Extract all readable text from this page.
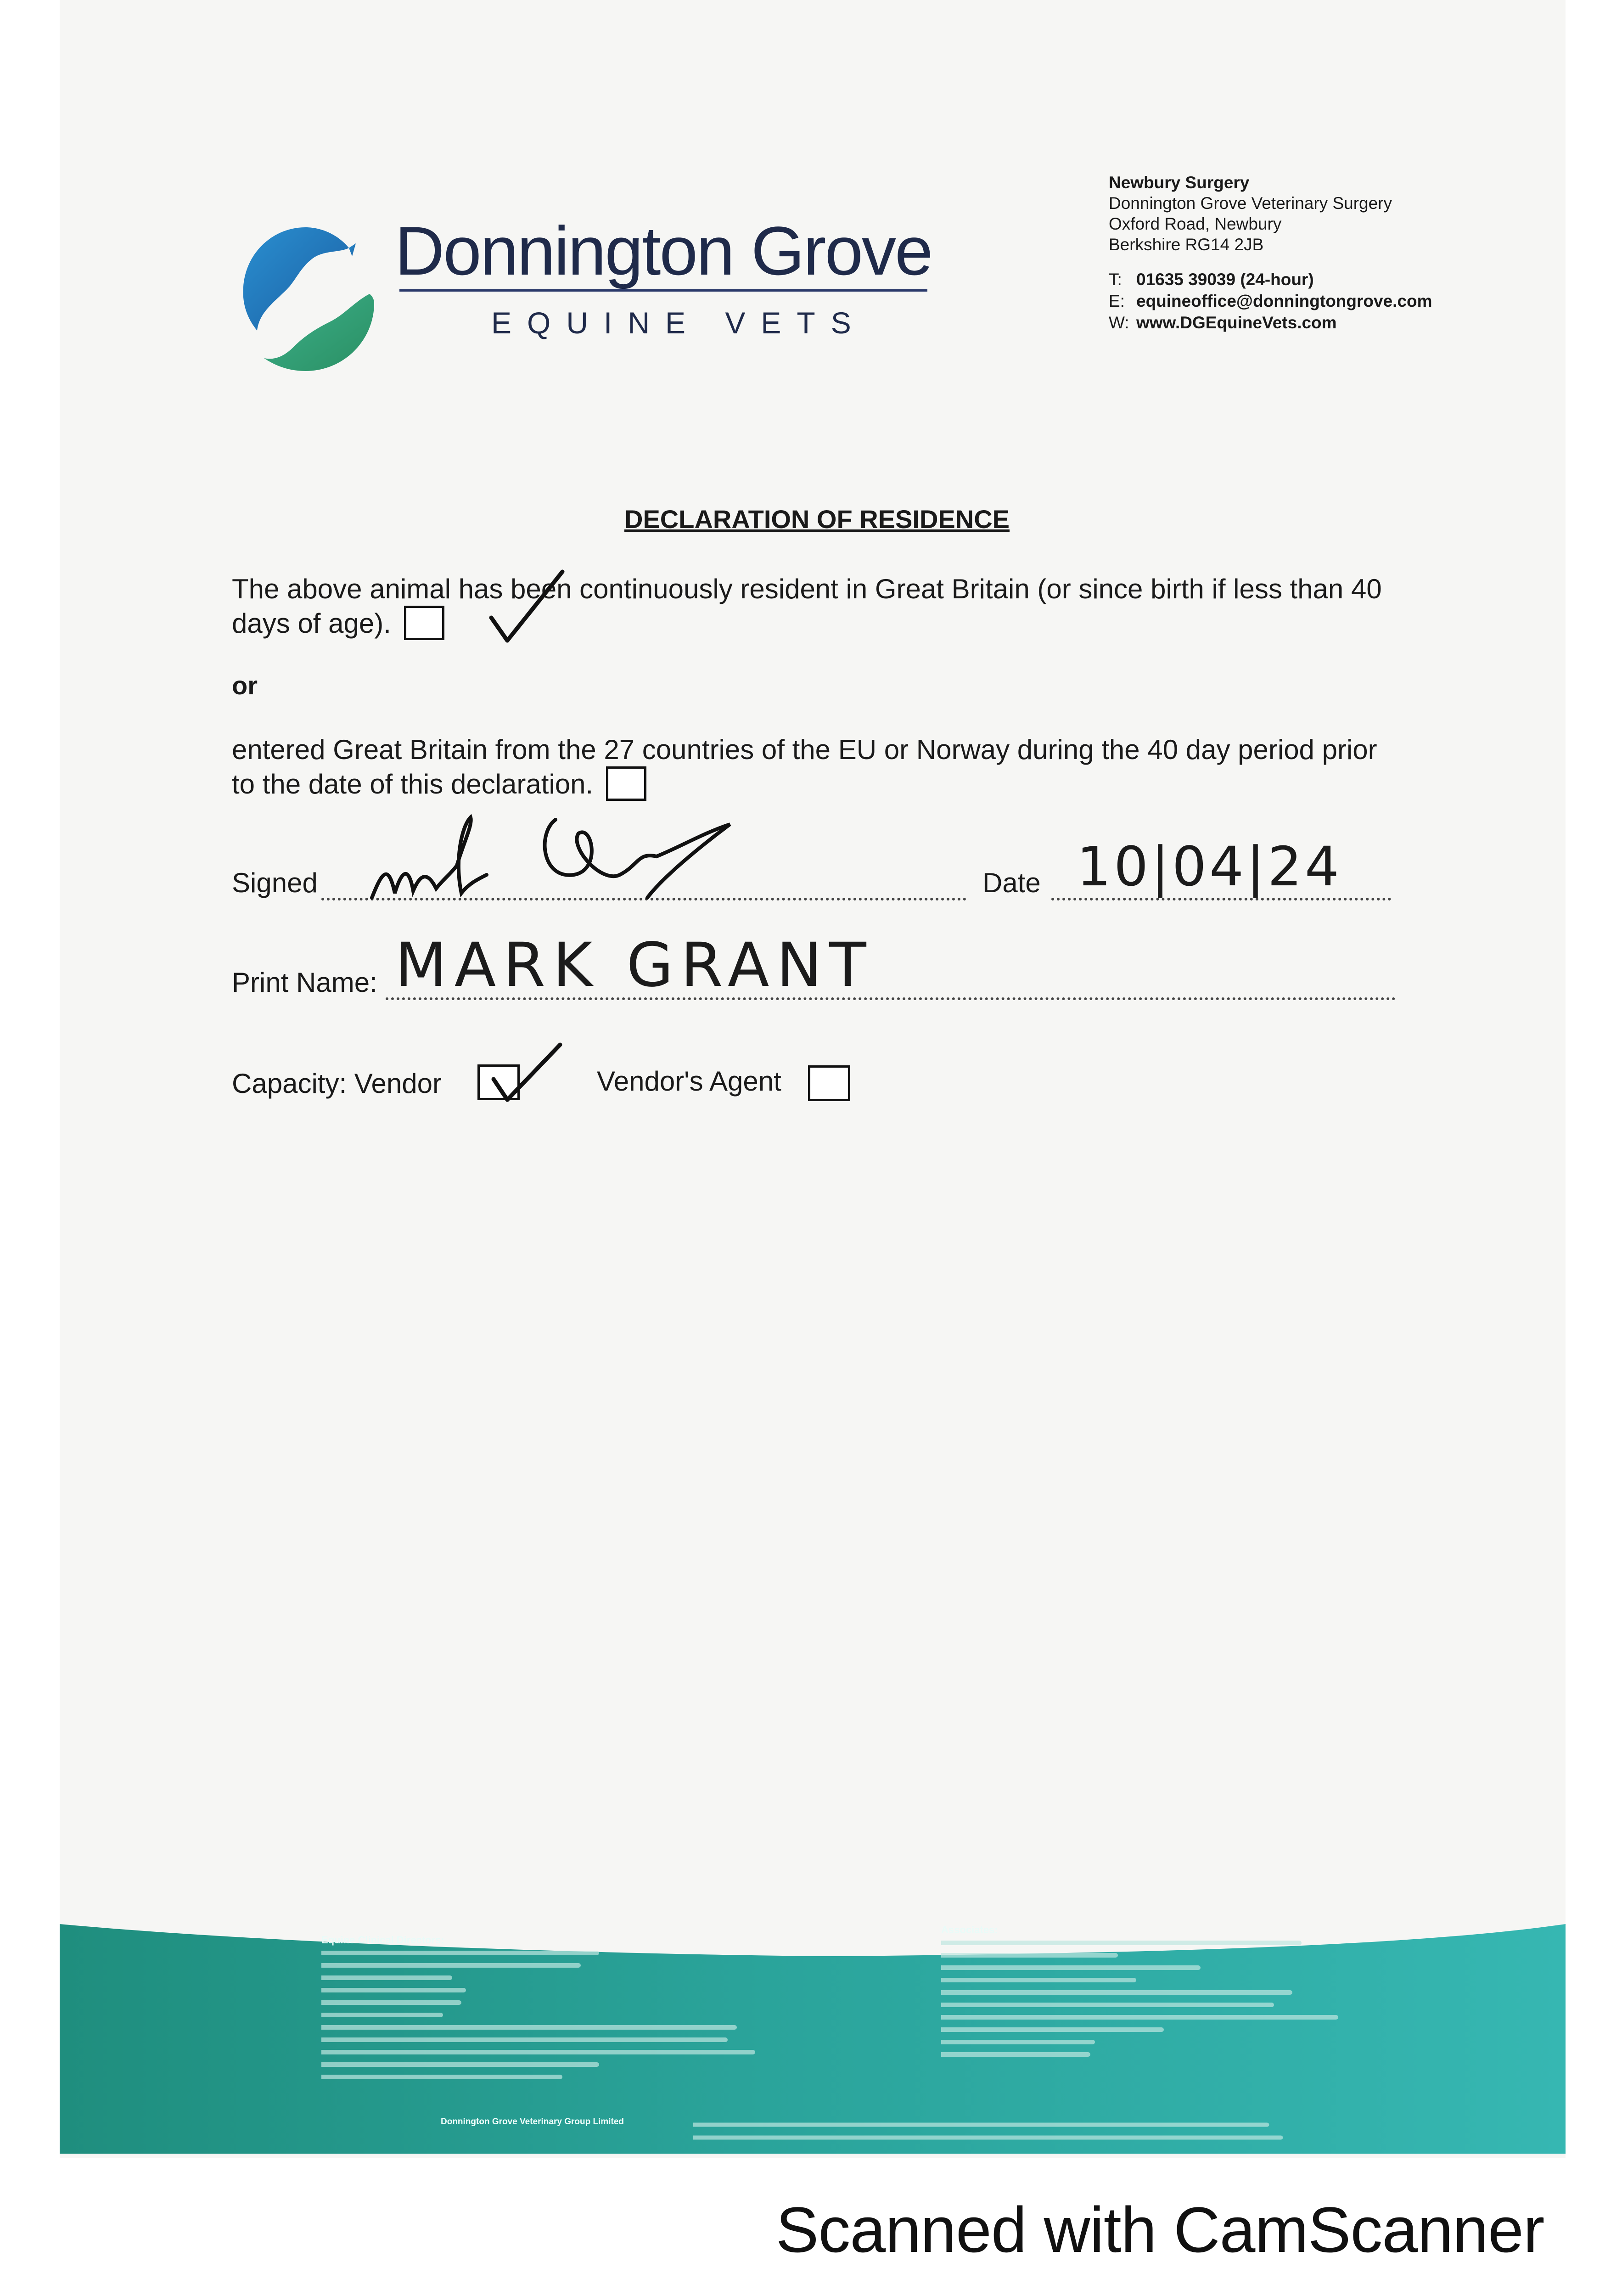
Donnington Grove
EQUINE VETS
Newbury Surgery
Donnington Grove Veterinary Surgery
Oxford Road, Newbury
Berkshire RG14 2JB
T: 01635 39039 (24-hour)
E: equineoffice@donningtongrove.com
W: www.DGEquineVets.com
DECLARATION OF RESIDENCE
The above animal has been continuously resident in Great Britain (or since birth if less than 40 days of age).
or
entered Great Britain from the 27 countries of the EU or Norway during the 40 day period prior to the date of this declaration.
Signed	Date 10|04|24
Print Name: MARK GRANT
Capacity: Vendor	Vendor's Agent
Equine Clinical Directors:
Associates:
Donnington Grove Veterinary Group Limited
Scanned with CamScanner
